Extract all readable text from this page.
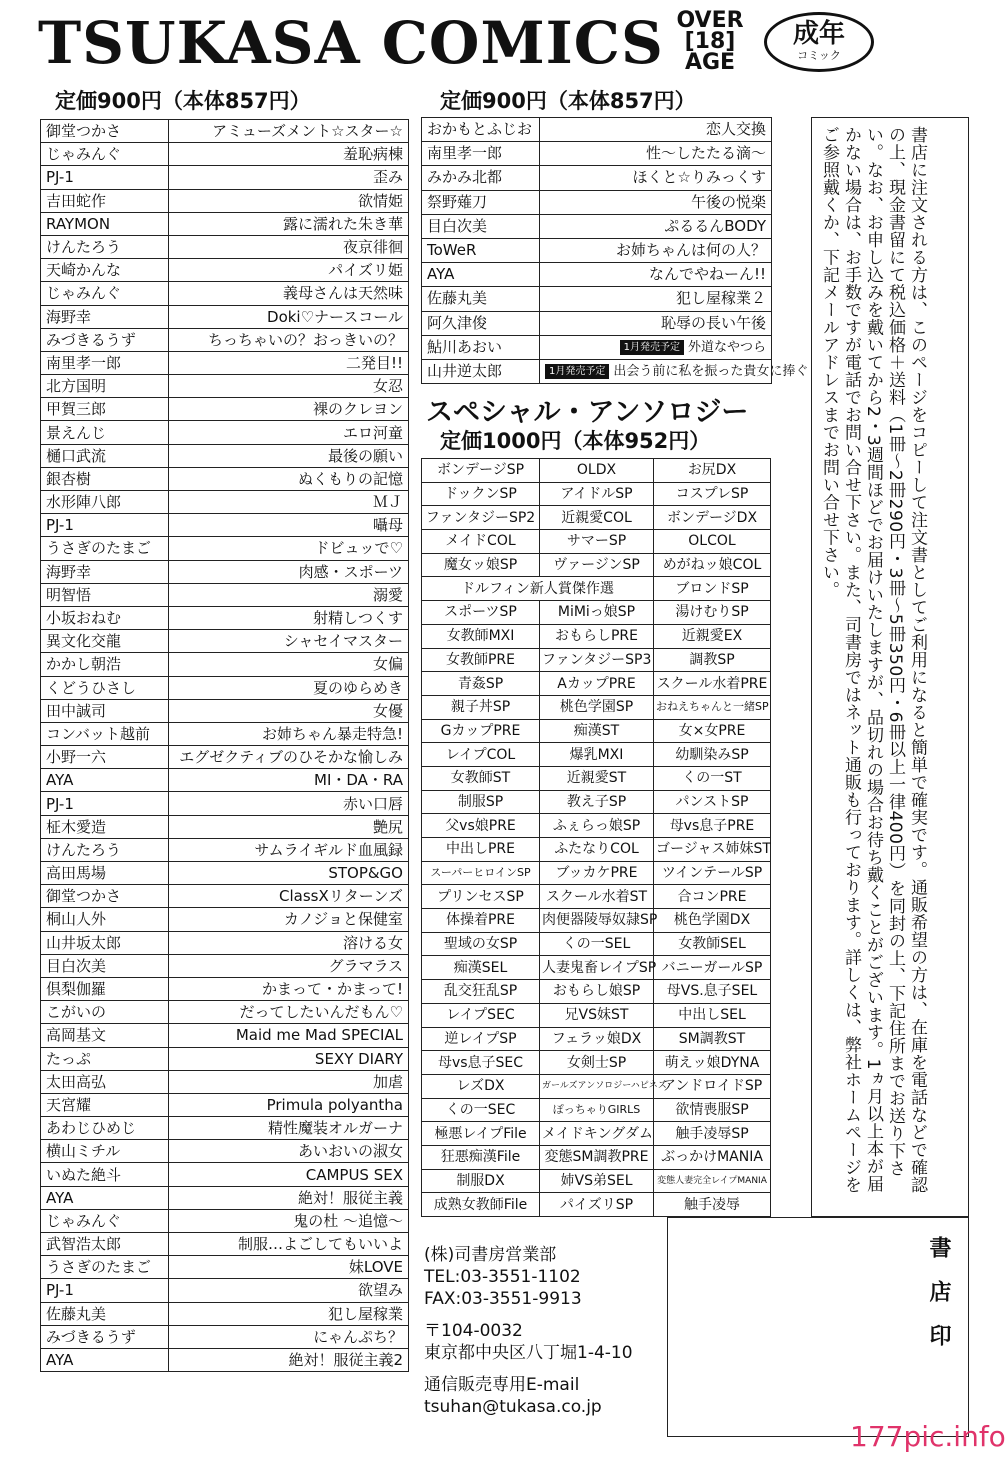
TSUKASA COMICS OVER
[18]
AGE
成年
コミック
定価900円（本体857円）	定価900円（本体857円）
御堂つかさ	アミューズメント☆スター☆
じゃみんぐ	羞恥病棟
PJ-1	歪み
吉田蛇作	欲情姫
RAYMON	露に濡れた朱き華
けんたろう	夜京徘徊
天崎かんな	パイズリ姫
じゃみんぐ	義母さんは天然味
海野幸	Doki♡ナースコール
みづきるうず	ちっちゃいの？おっきいの？
南里孝一郎	二発目!!
北方国明	女忍
甲賀三郎	裸のクレヨン
景えんじ	エロ河童
樋口武流	最後の願い
銀杏樹	ぬくもりの記憶
水形陣八郎	ＭＪ
PJ-1	囁母
うさぎのたまご	ドビュッで♡
海野幸	肉感・スポーツ
明智悟	溺愛
小坂おねむ	射精しつくす
異文化交龍	シャセイマスター
かかし朝浩	女偏
くどうひさし	夏のゆらめき
田中誠司	女優
コンバット越前	お姉ちゃん暴走特急!
小野一六	エグゼクティブのひそかな愉しみ
AYA	MI・DA・RA
PJ-1	赤い口唇
柾木愛造	艶尻
けんたろう	サムライギルド血風録
高田馬場	STOP&GO
御堂つかさ	ClassXリターンズ
桐山人外	カノジョと保健室
山井坂太郎	溶ける女
目白次美	グラマラス
倶梨伽羅	かまって・かまって!
こがいの	だってしたいんだもん♡
高岡基文	Maid me Mad SPECIAL
たっぷ	SEXY DIARY
太田高弘	加虐
天宮耀	Primula polyantha
あわじひめじ	精性魔装オルガーナ
横山ミチル	あいおいの淑女
いぬた絶斗	CAMPUS SEX
AYA	絶対！服従主義
じゃみんぐ	鬼の杜 ～追憶～
武智浩太郎	制服…よごしてもいいよ
うさぎのたまご	妹LOVE
PJ-1	欲望み
佐藤丸美	犯し屋稼業
みづきるうず	にゃんぷち？
AYA	絶対！服従主義2
おかもとふじお	恋人交換
南里孝一郎	性～したたる滴～
みかみ北都	ほくと☆りみっくす
祭野薙刀	午後の悦楽
目白次美	ぷるるんBODY
ToWeR	お姉ちゃんは何の人？
AYA	なんでやねーん!!
佐藤丸美	犯し屋稼業２
阿久津俊	恥辱の長い午後
鮎川あおい	1月発売予定 外道なやつら
山井逆太郎	1月発売予定 出会う前に私を振った貴女に捧ぐ
スペシャル・アンソロジー
定価1000円（本体952円）
ボンデージSP	OLDX	お尻DX
ドックンSP	アイドルSP	コスプレSP
ファンタジーSP2	近親愛COL	ボンデージDX
メイドCOL	サマーSP	OLCOL
魔女ッ娘SP	ヴァージンSP	めがねッ娘COL
ドルフィン新人賞傑作選		ブロンドSP
スポーツSP	MiMiっ娘SP	湯けむりSP
女教師MXI	おもらしPRE	近親愛EX
女教師PRE	ファンタジーSP3	調教SP
青姦SP	AカップPRE	スクール水着PRE
親子丼SP	桃色学園SP	おねえちゃんと一緒SP
GカップPRE	痴漢ST	女×女PRE
レイプCOL	爆乳MXI	幼馴染みSP
女教師ST	近親愛ST	くの一ST
制服SP	教え子SP	パンストSP
父vs娘PRE	ふぇらっ娘SP	母vs息子PRE
中出しPRE	ふたなりCOL	ゴージャス姉妹ST
スーパーヒロインSP	ブッカケPRE	ツインテールSP
プリンセスSP	スクール水着ST	合コンPRE
体操着PRE	肉便器陵辱奴隷SP	桃色学園DX
聖域の女SP	くの一SEL	女教師SEL
痴漢SEL	人妻鬼畜レイプSP	バニーガールSP
乱交狂乱SP	おもらし娘SP	母VS.息子SEL
レイプSEC	兄VS妹ST	中出しSEL
逆レイプSP	フェラッ娘DX	SM調教ST
母vs息子SEC	女剣士SP	萌えッ娘DYNA
レズDX	ガールズアンソロジーハピネス	アンドロイドSP
くの一SEC	ぽっちゃりGIRLS	欲情喪服SP
極悪レイプFile	メイドキングダム	触手凌辱SP
狂悪痴漢File	変態SM調教PRE	ぶっかけMANIA
制服DX	姉VS弟SEL	変態人妻完全レイプMANIA
成熟女教師File	パイズリSP	触手凌辱
(株)司書房営業部
TEL:03-3551-1102
FAX:03-3551-9913
〒104-0032
東京都中央区八丁堀1-4-10
通信販売専用E-mail
tsuhan@tukasa.co.jp
書店に注文される方は、このページをコピーして注文書としてご利用になると簡単で確実です。通販希望の方は、在庫を電話などで確認の上、現金書留にて税込価格＋送料（1冊～2冊290円・3冊～5冊350円・6冊以上一律400円）を同封の上、下記住所までお送り下さい。なお、お申し込みを戴いてから2・3週間ほどでお届けいたしますが、品切れの場合お待ち戴くことがございます。1ヵ月以上本が届かない場合は、お手数ですが電話でお問い合せ下さい。また、司書房ではネット通販も行っております。詳しくは、弊社ホームページをご参照戴くか、下記メールアドレスまでお問い合せ下さい。
書店印
177pic.info
